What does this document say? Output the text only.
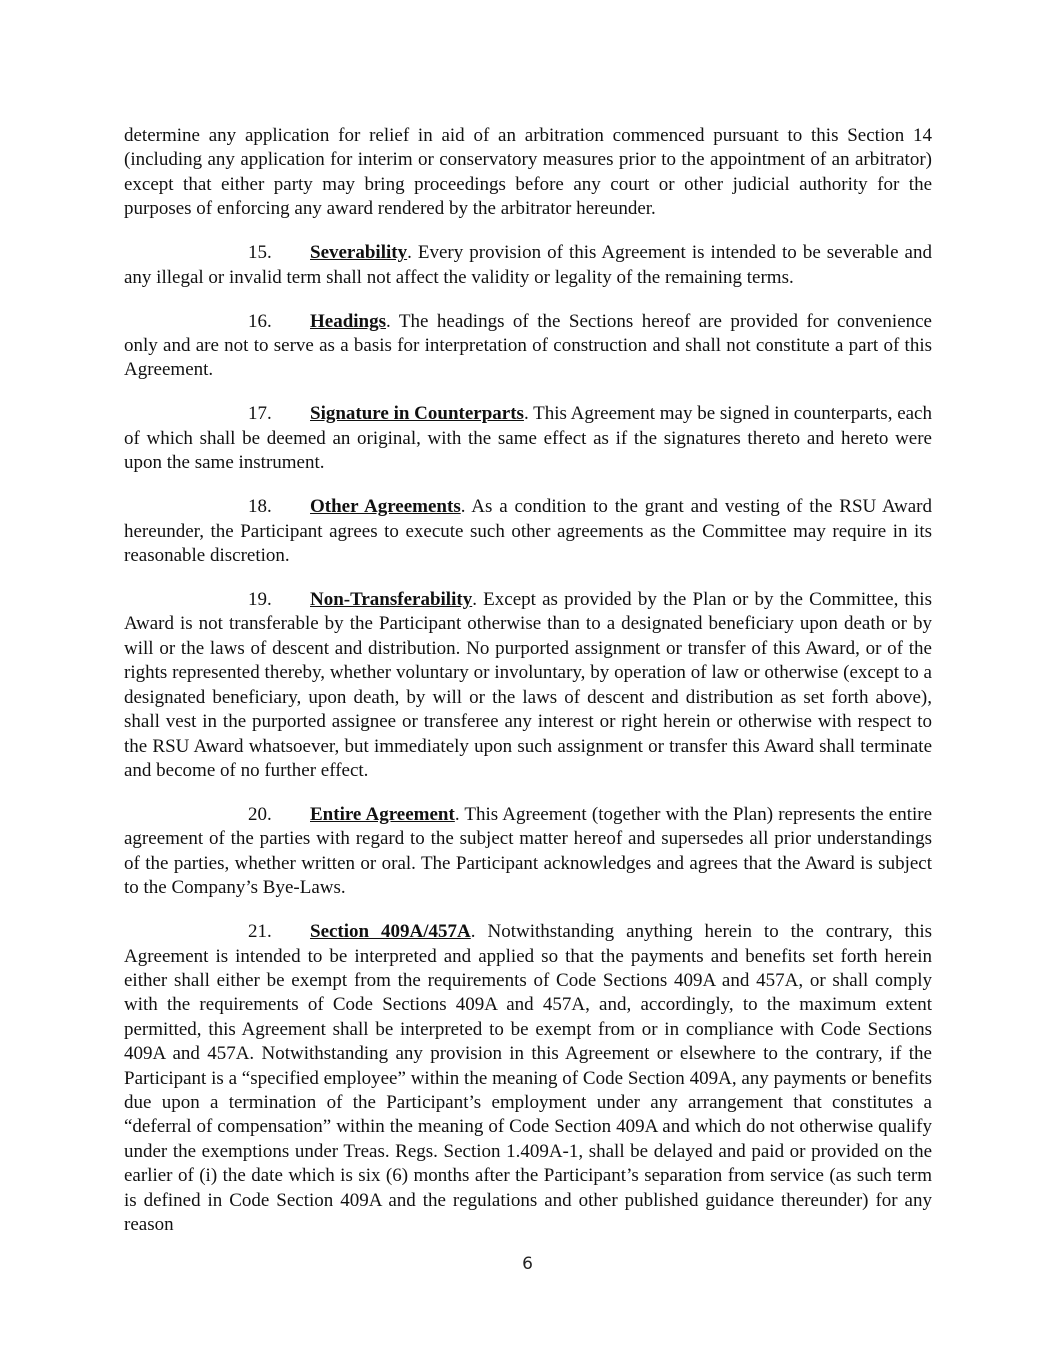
determine any application for relief in aid of an arbitration commenced pursuant to this Section 14 (including any application for interim or conservatory measures prior to the appointment of an arbitrator) except that either party may bring proceedings before any court or other judicial authority for the purposes of enforcing any award rendered by the arbitrator hereunder.

15. Severability. Every provision of this Agreement is intended to be severable and any illegal or invalid term shall not affect the validity or legality of the remaining terms.

16. Headings. The headings of the Sections hereof are provided for convenience only and are not to serve as a basis for interpretation of construction and shall not constitute a part of this Agreement.

17. Signature in Counterparts. This Agreement may be signed in counterparts, each of which shall be deemed an original, with the same effect as if the signatures thereto and hereto were upon the same instrument.

18. Other Agreements. As a condition to the grant and vesting of the RSU Award hereunder, the Participant agrees to execute such other agreements as the Committee may require in its reasonable discretion.

19. Non-Transferability. Except as provided by the Plan or by the Committee, this Award is not transferable by the Participant otherwise than to a designated beneficiary upon death or by will or the laws of descent and distribution. No purported assignment or transfer of this Award, or of the rights represented thereby, whether voluntary or involuntary, by operation of law or otherwise (except to a designated beneficiary, upon death, by will or the laws of descent and distribution as set forth above), shall vest in the purported assignee or transferee any interest or right herein or otherwise with respect to the RSU Award whatsoever, but immediately upon such assignment or transfer this Award shall terminate and become of no further effect.

20. Entire Agreement. This Agreement (together with the Plan) represents the entire agreement of the parties with regard to the subject matter hereof and supersedes all prior understandings of the parties, whether written or oral. The Participant acknowledges and agrees that the Award is subject to the Company’s Bye-Laws.

21. Section 409A/457A. Notwithstanding anything herein to the contrary, this Agreement is intended to be interpreted and applied so that the payments and benefits set forth herein either shall either be exempt from the requirements of Code Sections 409A and 457A, or shall comply with the requirements of Code Sections 409A and 457A, and, accordingly, to the maximum extent permitted, this Agreement shall be interpreted to be exempt from or in compliance with Code Sections 409A and 457A. Notwithstanding any provision in this Agreement or elsewhere to the contrary, if the Participant is a “specified employee” within the meaning of Code Section 409A, any payments or benefits due upon a termination of the Participant’s employment under any arrangement that constitutes a “deferral of compensation” within the meaning of Code Section 409A and which do not otherwise qualify under the exemptions under Treas. Regs. Section 1.409A-1, shall be delayed and paid or provided on the earlier of (i) the date which is six (6) months after the Participant’s separation from service (as such term is defined in Code Section 409A and the regulations and other published guidance thereunder) for any reason

6
